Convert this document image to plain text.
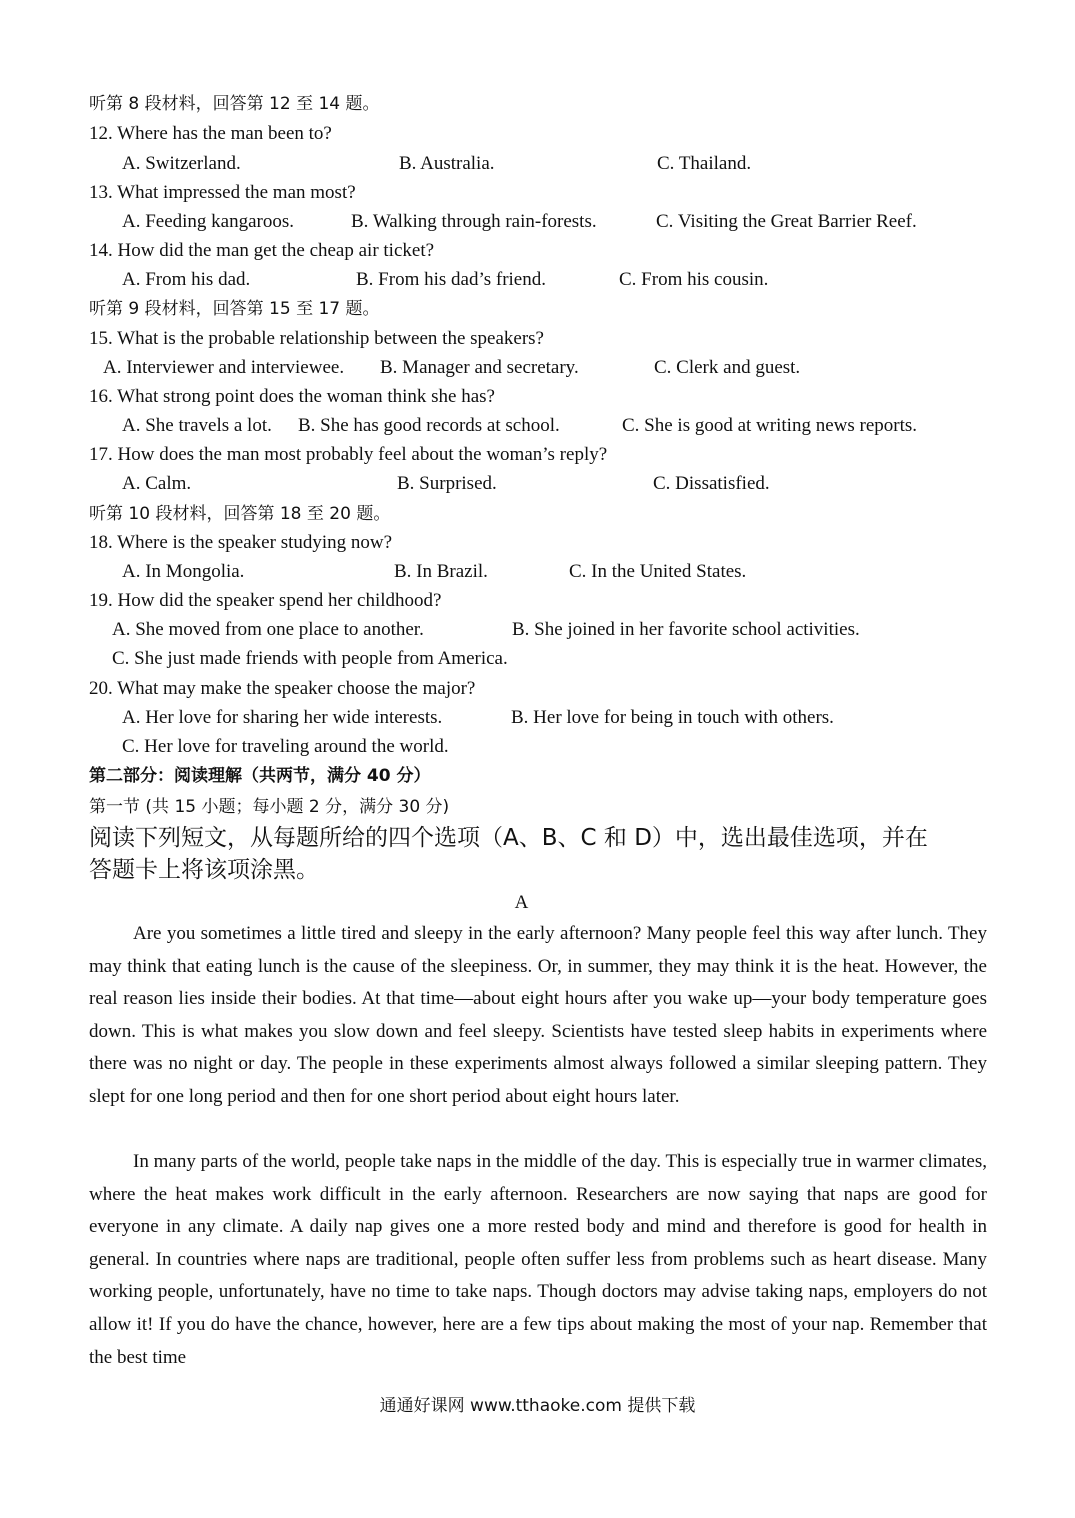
听第 8 段材料，回答第 12 至 14 题。
12. Where has the man been to?
A. Switzerland.	B. Australia.	C. Thailand.
13. What impressed the man most?
A. Feeding kangaroos.	B. Walking through rain-forests.	C. Visiting the Great Barrier Reef.
14. How did the man get the cheap air ticket?
A. From his dad.	B. From his dad’s friend.	C. From his cousin.
听第 9 段材料，回答第 15 至 17 题。
15. What is the probable relationship between the speakers?
A. Interviewer and interviewee. B. Manager and secretary.	C. Clerk and guest.
16. What strong point does the woman think she has?
A. She travels a lot. B. She has good records at school.	C. She is good at writing news reports.
17. How does the man most probably feel about the woman’s reply?
A. Calm.	B. Surprised.	C. Dissatisfied.
听第 10 段材料，回答第 18 至 20 题。
18. Where is the speaker studying now?
A. In Mongolia.	B. In Brazil.	C. In the United States.
19. How did the speaker spend her childhood?
A. She moved from one place to another.	B. She joined in her favorite school activities.
C. She just made friends with people from America.
20. What may make the speaker choose the major?
A. Her love for sharing her wide interests.	B. Her love for being in touch with others.
C. Her love for traveling around the world.
第二部分：阅读理解（共两节，满分 40 分）
第一节 (共 15 小题；每小题 2 分，满分 30 分)
阅读下列短文，从每题所给的四个选项（A、B、C 和 D）中，选出最佳选项，并在
答题卡上将该项涂黑。
A

Are you sometimes a little tired and sleepy in the early afternoon? Many people feel this way after lunch. They may think that eating lunch is the cause of the sleepiness. Or, in summer, they may think it is the heat. However, the real reason lies inside their bodies. At that time—about eight hours after you wake up—your body temperature goes down. This is what makes you slow down and feel sleepy. Scientists have tested sleep habits in experiments where there was no night or day. The people in these experiments almost always followed a similar sleeping pattern. They slept for one long period and then for one short period about eight hours later.

In many parts of the world, people take naps in the middle of the day. This is especially true in warmer climates, where the heat makes work difficult in the early afternoon. Researchers are now saying that naps are good for everyone in any climate. A daily nap gives one a more rested body and mind and therefore is good for health in general. In countries where naps are traditional, people often suffer less from problems such as heart disease. Many working people, unfortunately, have no time to take naps. Though doctors may advise taking naps, employers do not allow it! If you do have the chance, however, here are a few tips about making the most of your nap. Remember that the best time

通通好课网 www.tthaoke.com 提供下载
